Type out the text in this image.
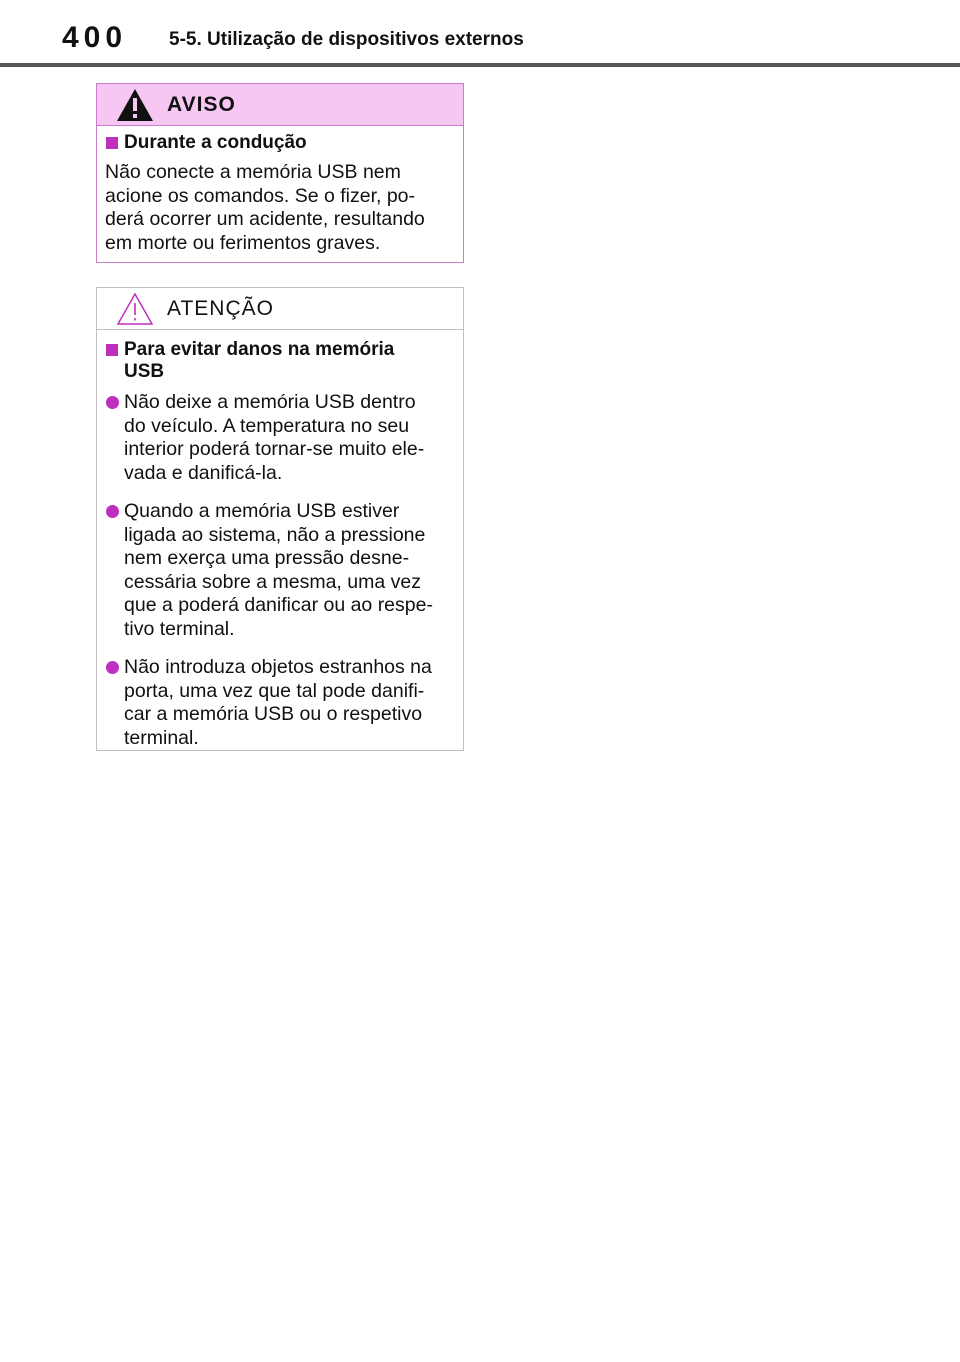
400 5-5. Utilização de dispositivos externos
AVISO
Durante a condução
Não conecte a memória USB nem
acione os comandos. Se o fizer, po-
derá ocorrer um acidente, resultando
em morte ou ferimentos graves.
ATENÇÃO
Para evitar danos na memória
USB
Não deixe a memória USB dentro
do veículo. A temperatura no seu
interior poderá tornar-se muito ele-
vada e danificá-la.
Quando a memória USB estiver
ligada ao sistema, não a pressione
nem exerça uma pressão desne-
cessária sobre a mesma, uma vez
que a poderá danificar ou ao respe-
tivo terminal.
Não introduza objetos estranhos na
porta, uma vez que tal pode danifi-
car a memória USB ou o respetivo
terminal.
